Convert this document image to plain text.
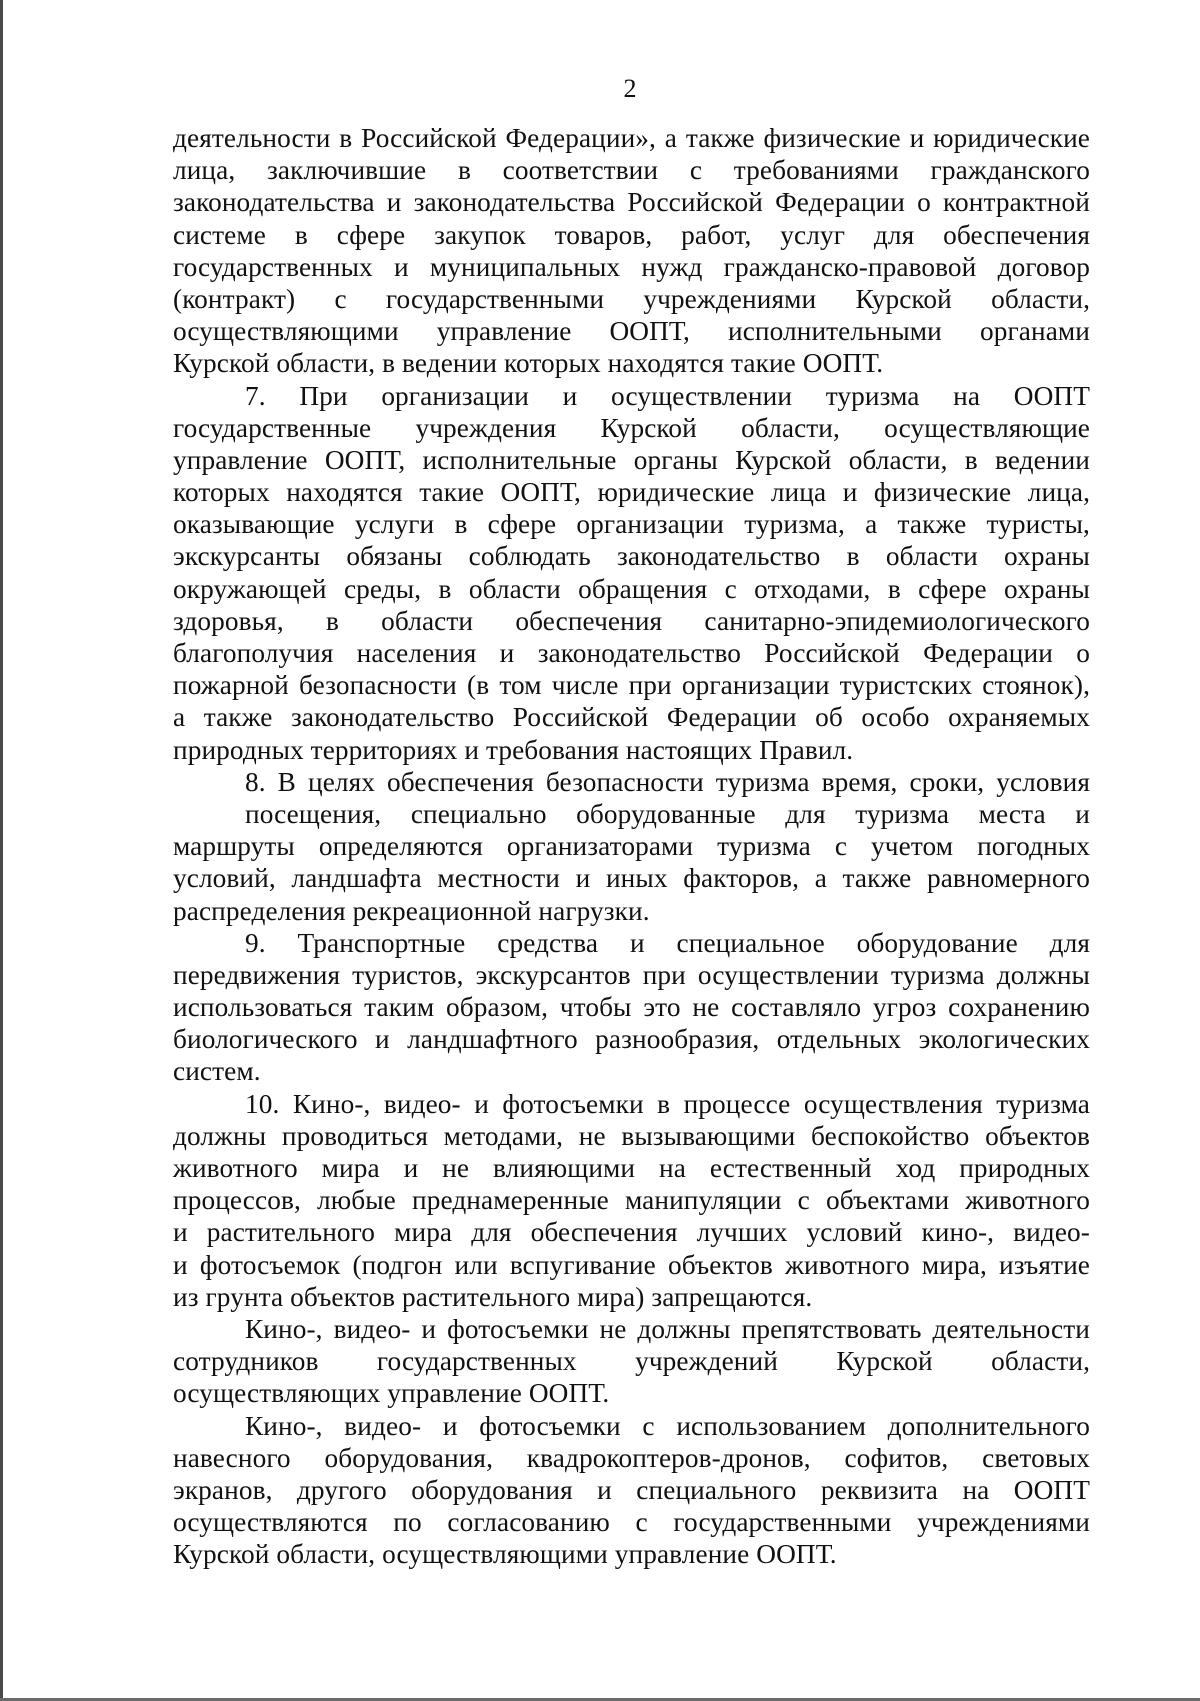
2
деятельности в Российской Федерации», а также физические и юридические
лица, заключившие в соответствии с требованиями гражданского
законодательства и законодательства Российской Федерации о контрактной
системе в сфере закупок товаров, работ, услуг для обеспечения
государственных и муниципальных нужд гражданско-правовой договор
(контракт) с государственными учреждениями Курской области,
осуществляющими управление ООПТ, исполнительными органами
Курской области, в ведении которых находятся такие ООПТ.
7. При организации и осуществлении туризма на ООПТ
государственные учреждения Курской области, осуществляющие
управление ООПТ, исполнительные органы Курской области, в ведении
которых находятся такие ООПТ, юридические лица и физические лица,
оказывающие услуги в сфере организации туризма, а также туристы,
экскурсанты обязаны соблюдать законодательство в области охраны
окружающей среды, в области обращения с отходами, в сфере охраны
здоровья, в области обеспечения санитарно-эпидемиологического
благополучия населения и законодательство Российской Федерации о
пожарной безопасности (в том числе при организации туристских стоянок),
а также законодательство Российской Федерации об особо охраняемых
природных территориях и требования настоящих Правил.
8. В целях обеспечения безопасности туризма время, сроки, условия
посещения, специально оборудованные для туризма места и
маршруты определяются организаторами туризма с учетом погодных
условий, ландшафта местности и иных факторов, а также равномерного
распределения рекреационной нагрузки.
9. Транспортные средства и специальное оборудование для
передвижения туристов, экскурсантов при осуществлении туризма должны
использоваться таким образом, чтобы это не составляло угроз сохранению
биологического и ландшафтного разнообразия, отдельных экологических
систем.
10. Кино-, видео- и фотосъемки в процессе осуществления туризма
должны проводиться методами, не вызывающими беспокойство объектов
животного мира и не влияющими на естественный ход природных
процессов, любые преднамеренные манипуляции с объектами животного
и растительного мира для обеспечения лучших условий кино-, видео-
и фотосъемок (подгон или вспугивание объектов животного мира, изъятие
из грунта объектов растительного мира) запрещаются.
Кино-, видео- и фотосъемки не должны препятствовать деятельности
сотрудников государственных учреждений Курской области,
осуществляющих управление ООПТ.
Кино-, видео- и фотосъемки с использованием дополнительного
навесного оборудования, квадрокоптеров-дронов, софитов, световых
экранов, другого оборудования и специального реквизита на ООПТ
осуществляются по согласованию с государственными учреждениями
Курской области, осуществляющими управление ООПТ.
